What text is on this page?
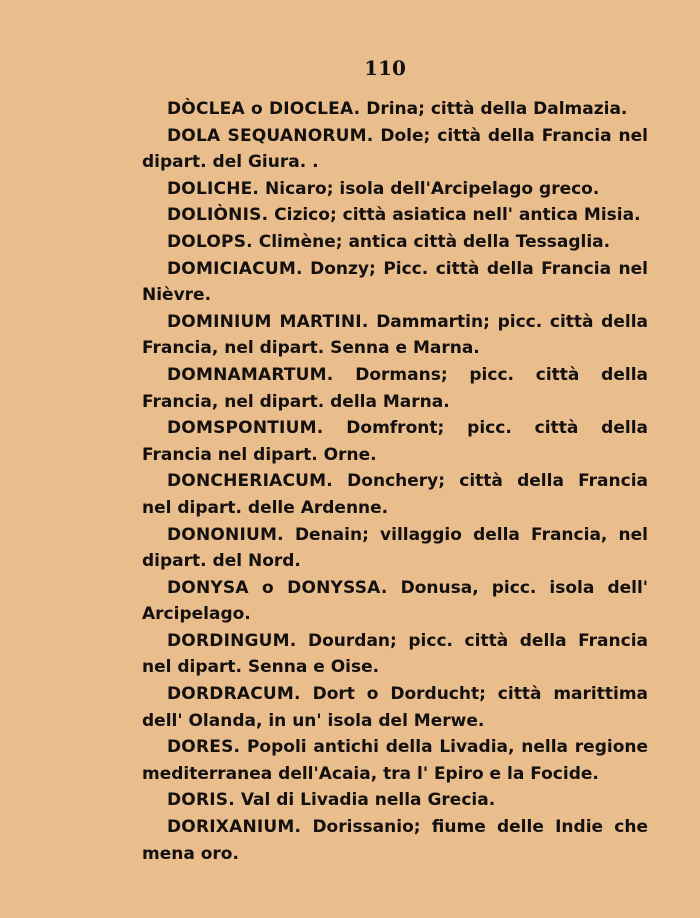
110

DÒCLEA o DIOCLEA. Drina; città della Dalmazia.

DOLA SEQUANORUM. Dole; città della Francia nel dipart. del Giura. .

DOLICHE. Nicaro; isola dell'Arcipelago greco.

DOLIÒNIS. Cizico; città asiatica nell' antica Misia.

DOLOPS. Climène; antica città della Tessaglia.

DOMICIACUM. Donzy; Picc. città della Francia nel Nièvre.

DOMINIUM MARTINI. Dammartin; picc. città della Francia, nel dipart. Senna e Marna.

DOMNAMARTUM. Dormans; picc. città della Francia, nel dipart. della Marna.

DOMSPONTIUM. Domfront; picc. città della Francia nel dipart. Orne.

DONCHERIACUM. Donchery; città della Francia nel dipart. delle Ardenne.

DONONIUM. Denain; villaggio della Francia, nel dipart. del Nord.

DONYSA o DONYSSA. Donusa, picc. isola dell' Arcipelago.

DORDINGUM. Dourdan; picc. città della Francia nel dipart. Senna e Oise.

DORDRACUM. Dort o Dorducht; città marittima dell' Olanda, in un' isola del Merwe.

DORES. Popoli antichi della Livadia, nella regione mediterranea dell'Acaia, tra l' Epiro e la Focide.

DORIS. Val di Livadia nella Grecia.

DORIXANIUM. Dorissanio; fiume delle Indie che mena oro.
